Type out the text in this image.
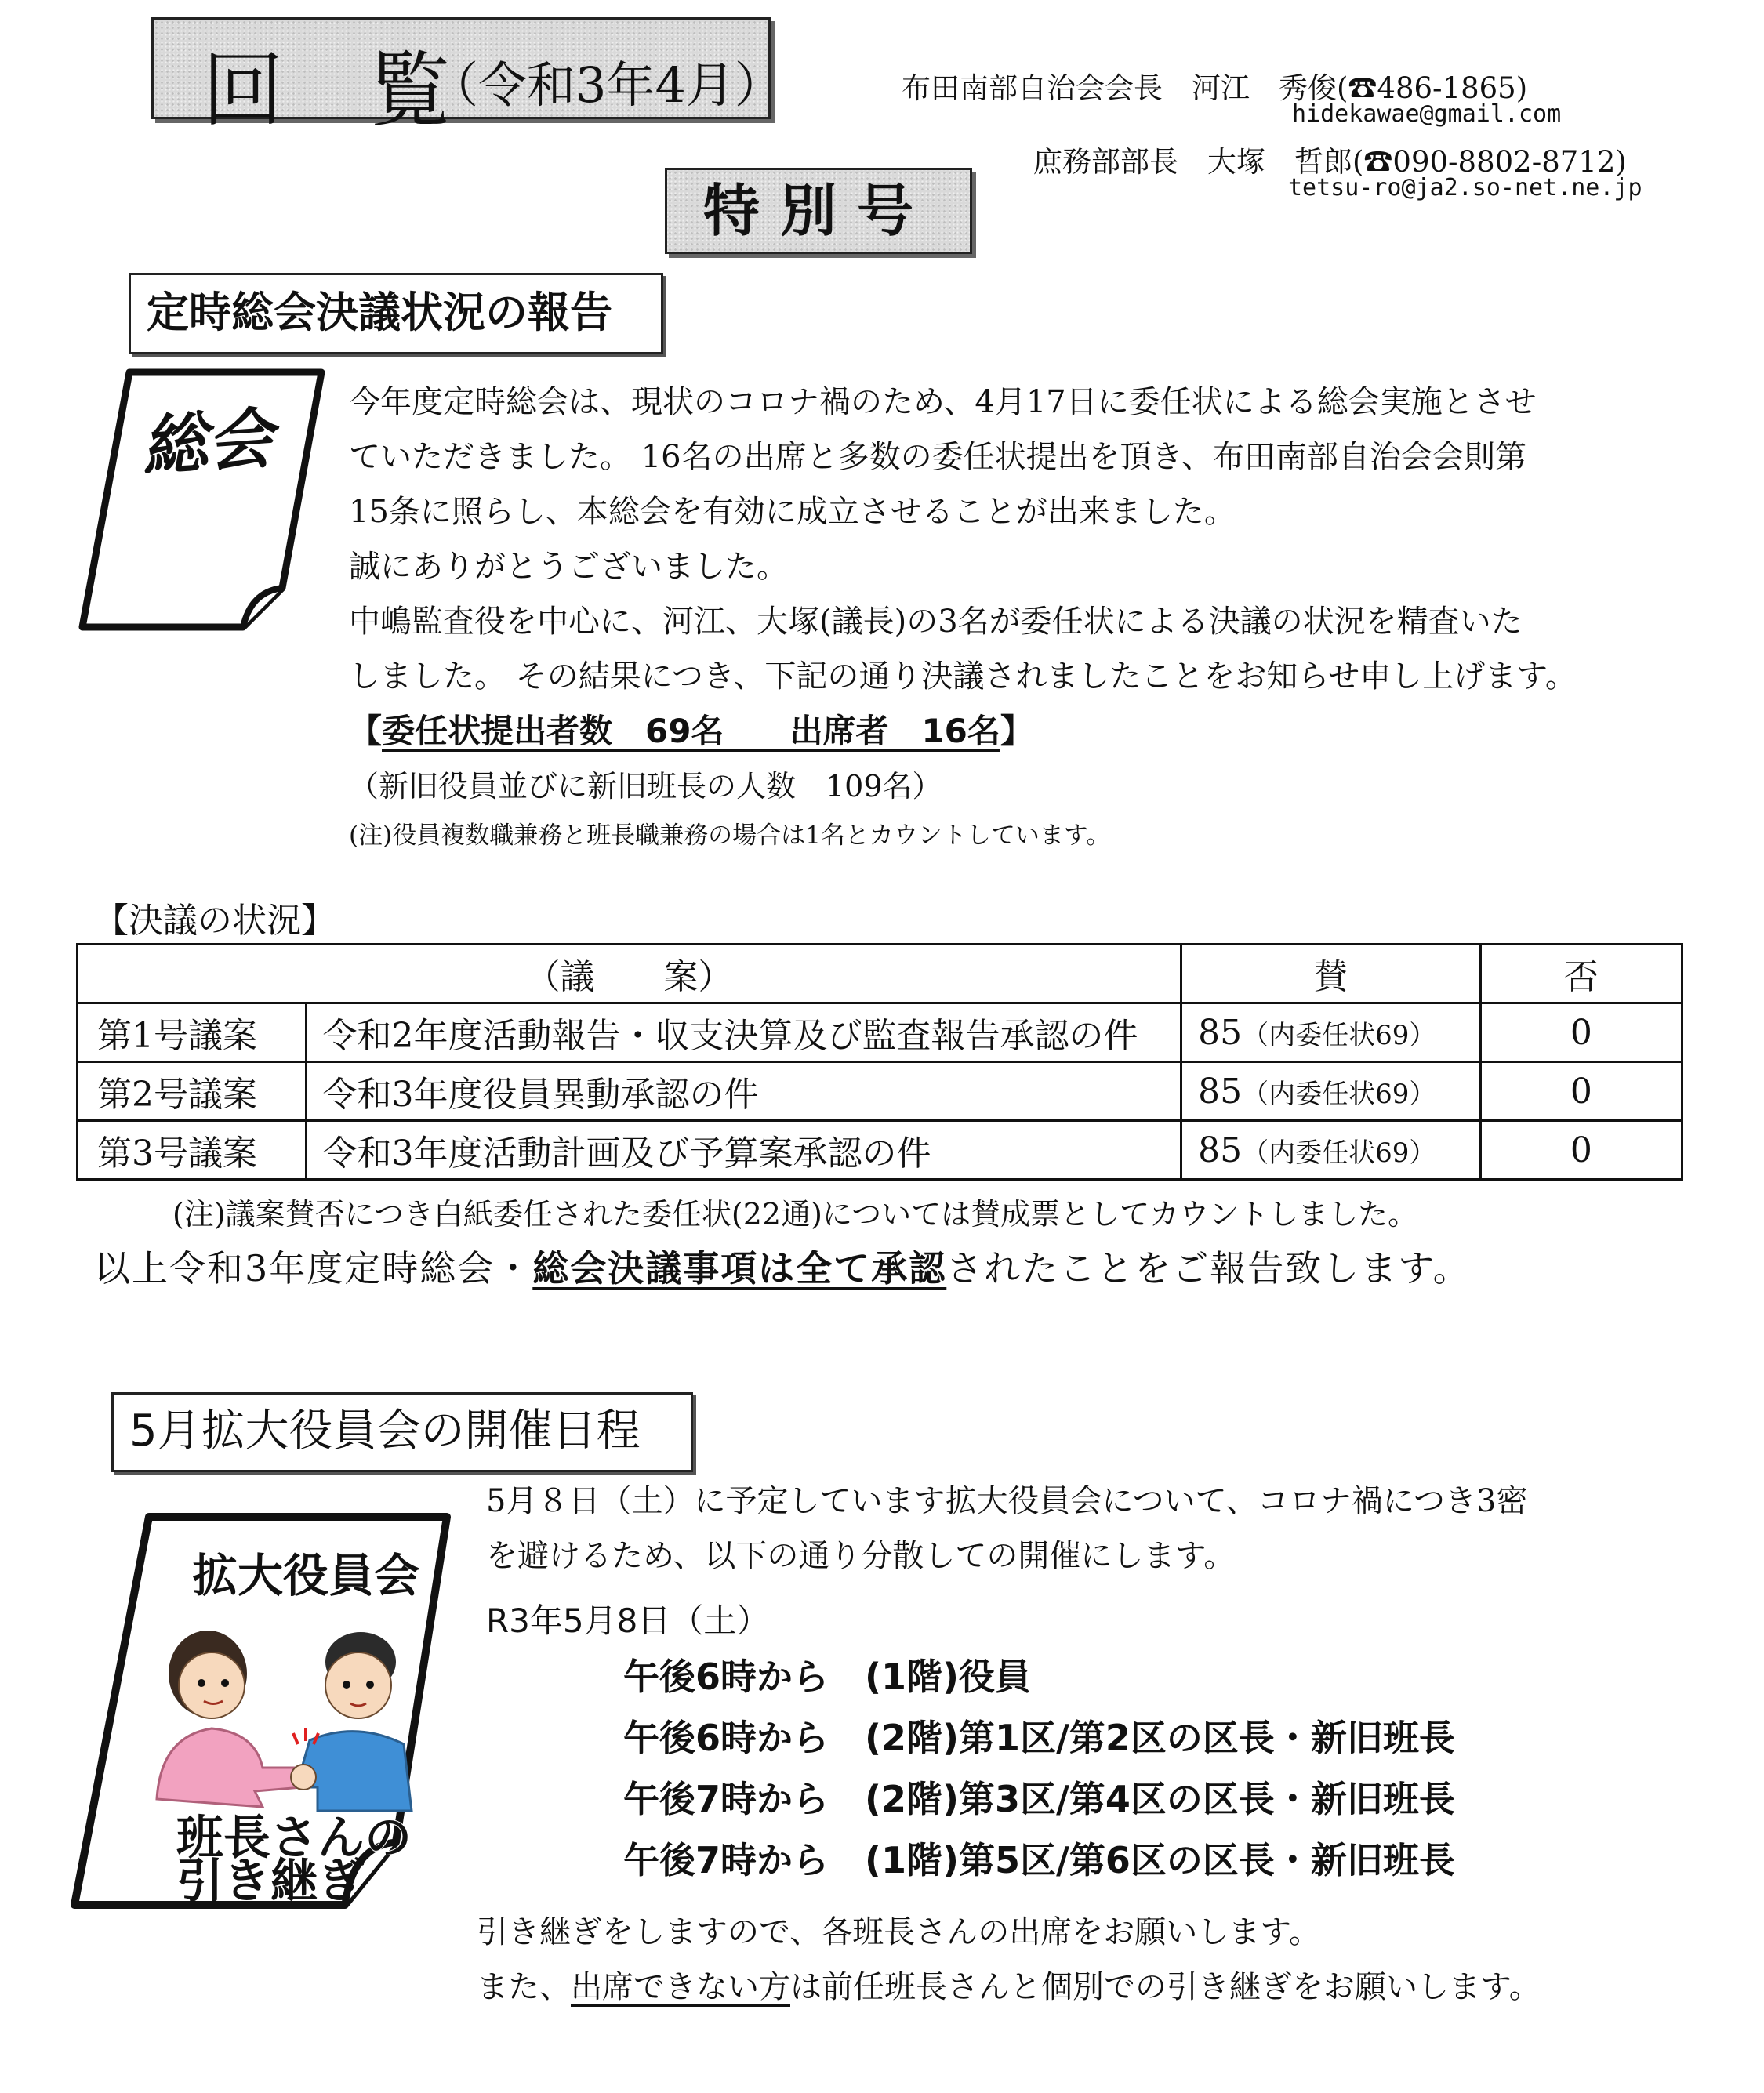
回 覧
（令和3年4月）	布田南部自治会会長　河江　秀俊(☎486-1865)
hidekawae@gmail.com
庶務部部長　大塚　哲郎(☎090-8802-8712)
tetsu-ro@ja2.so-net.ne.jp
特別号
定時総会決議状況の報告
総会 今年度定時総会は、現状のコロナ禍のため、4月17日に委任状による総会実施とさせ
ていただきました。 16名の出席と多数の委任状提出を頂き、布田南部自治会会則第
15条に照らし、本総会を有効に成立させることが出来ました。
誠にありがとうございました。
中嶋監査役を中心に、河江、大塚(議長)の3名が委任状による決議の状況を精査いた
しました。 その結果につき、下記の通り決議されましたことをお知らせ申し上げます。
【委任状提出者数　69名　　出席者　16名】
（新旧役員並びに新旧班長の人数　109名）
(注)役員複数職兼務と班長職兼務の場合は1名とカウントしています。
【決議の状況】
（議　　案）		賛	否
第1号議案	令和2年度活動報告・収支決算及び監査報告承認の件	85（内委任状69）	0
第2号議案	令和3年度役員異動承認の件	85（内委任状69）	0
第3号議案	令和3年度活動計画及び予算案承認の件	85（内委任状69）	0
(注)議案賛否につき白紙委任された委任状(22通)については賛成票としてカウントしました。
以上令和3年度定時総会・総会決議事項は全て承認されたことをご報告致します。
5月拡大役員会の開催日程
拡大役員会
班長さんの
引き継ぎ
5月８日（土）に予定しています拡大役員会について、コロナ禍につき3密
を避けるため、以下の通り分散しての開催にします。
R3年5月8日（土）
午後6時から　(1階)役員
午後6時から　(2階)第1区/第2区の区長・新旧班長
午後7時から　(2階)第3区/第4区の区長・新旧班長
午後7時から　(1階)第5区/第6区の区長・新旧班長
引き継ぎをしますので、各班長さんの出席をお願いします。
また、出席できない方は前任班長さんと個別での引き継ぎをお願いします。
